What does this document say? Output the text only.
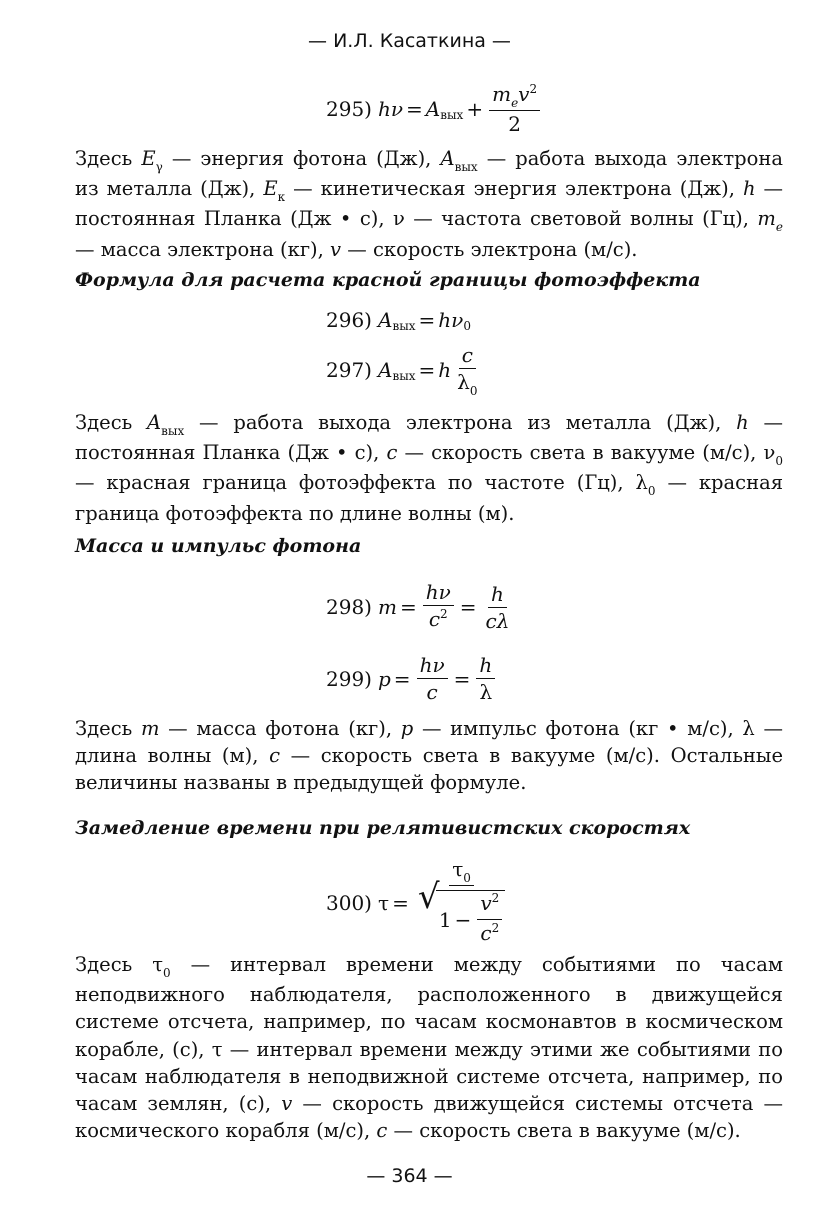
— И.Л. Касаткина —
295) hν = A вых + $\frac{m_ev^2}{2}$
Здесь $E_\gamma$ — энергия фотона (Дж), $A_{вых}$ — работа выхода электрона из металла (Дж), $E_к$ — кинетическая энергия электрона (Дж), h — постоянная Планка (Дж • с), ν — частота световой волны (Гц), $m_e$ — масса электрона (кг), v — скорость электрона (м/с).
Формула для расчета красной границы фотоэффекта
296) A вых = hν 0
297) A вых = h $\frac{c}{\lambda_0}$
Здесь $A_{вых}$ — работа выхода электрона из металла (Дж), h — постоянная Планка (Дж • с), c — скорость света в вакууме (м/с), $\nu_0$ — красная граница фотоэффекта по частоте (Гц), $\lambda_0$ — красная граница фотоэффекта по длине волны (м).
Масса и импульс фотона
298) $m = \frac{h\nu}{c^2} = \frac{h}{c\lambda}$
299) $p = \frac{h\nu}{c} = \frac{h}{\lambda}$
Здесь m — масса фотона (кг), p — импульс фотона (кг • м/с), λ — длина волны (м), c — скорость света в вакууме (м/с). Остальные величины названы в предыдущей формуле.
Замедление времени при релятивистских скоростях
300) $\tau = \tau_0$
√
$1 - \frac{v^2}{c^2}$
Здесь $\tau_0$ — интервал времени между событиями по часам неподвижного наблюдателя, расположенного в движущейся системе отсчета, например, по часам космонавтов в космическом корабле, (с), τ — интервал времени между этими же событиями по часам наблюдателя в неподвижной системе отсчета, например, по часам землян, (с), v — скорость движущейся системы отсчета — космического корабля (м/с), c — скорость света в вакууме (м/с).
— 364 —
